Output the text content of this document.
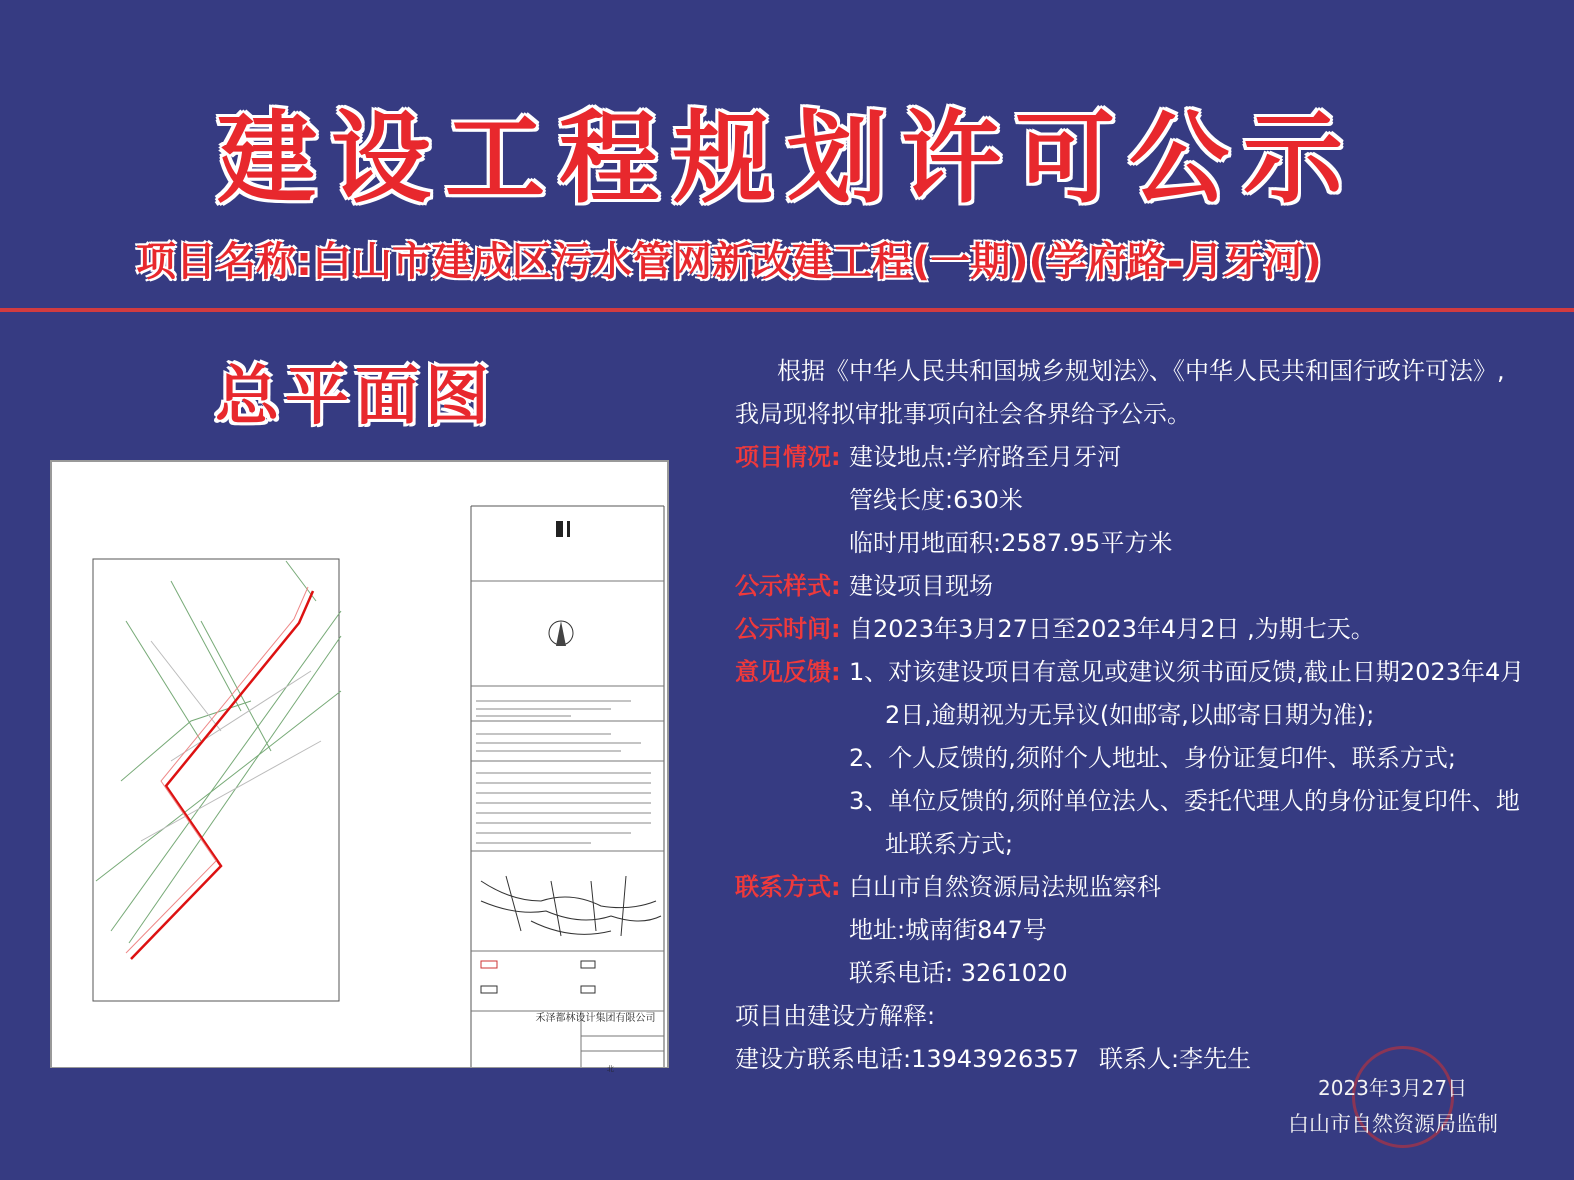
建设工程规划许可公示
项目名称:白山市建成区污水管网新改建工程(一期)(学府路-月牙河)
总平面图
禾泽都林设计集团有限公司
北
根据《中华人民共和国城乡规划法》、《中华人民共和国行政许可法》,
我局现将拟审批事项向社会各界给予公示。
项目情况: 建设地点:学府路至月牙河
管线长度:630米
临时用地面积:2587.95平方米
公示样式: 建设项目现场
公示时间: 自2023年3月27日至2023年4月2日 ,为期七天。
意见反馈: 1、对该建设项目有意见或建议须书面反馈,截止日期2023年4月
2日,逾期视为无异议(如邮寄,以邮寄日期为准);
2、个人反馈的,须附个人地址、身份证复印件、联系方式;
3、单位反馈的,须附单位法人、委托代理人的身份证复印件、地
址联系方式;
联系方式: 白山市自然资源局法规监察科
地址:城南街847号
联系电话: 3261020
项目由建设方解释:
建设方联系电话:13943926357 联系人:李先生
2023年3月27日
白山市自然资源局监制
